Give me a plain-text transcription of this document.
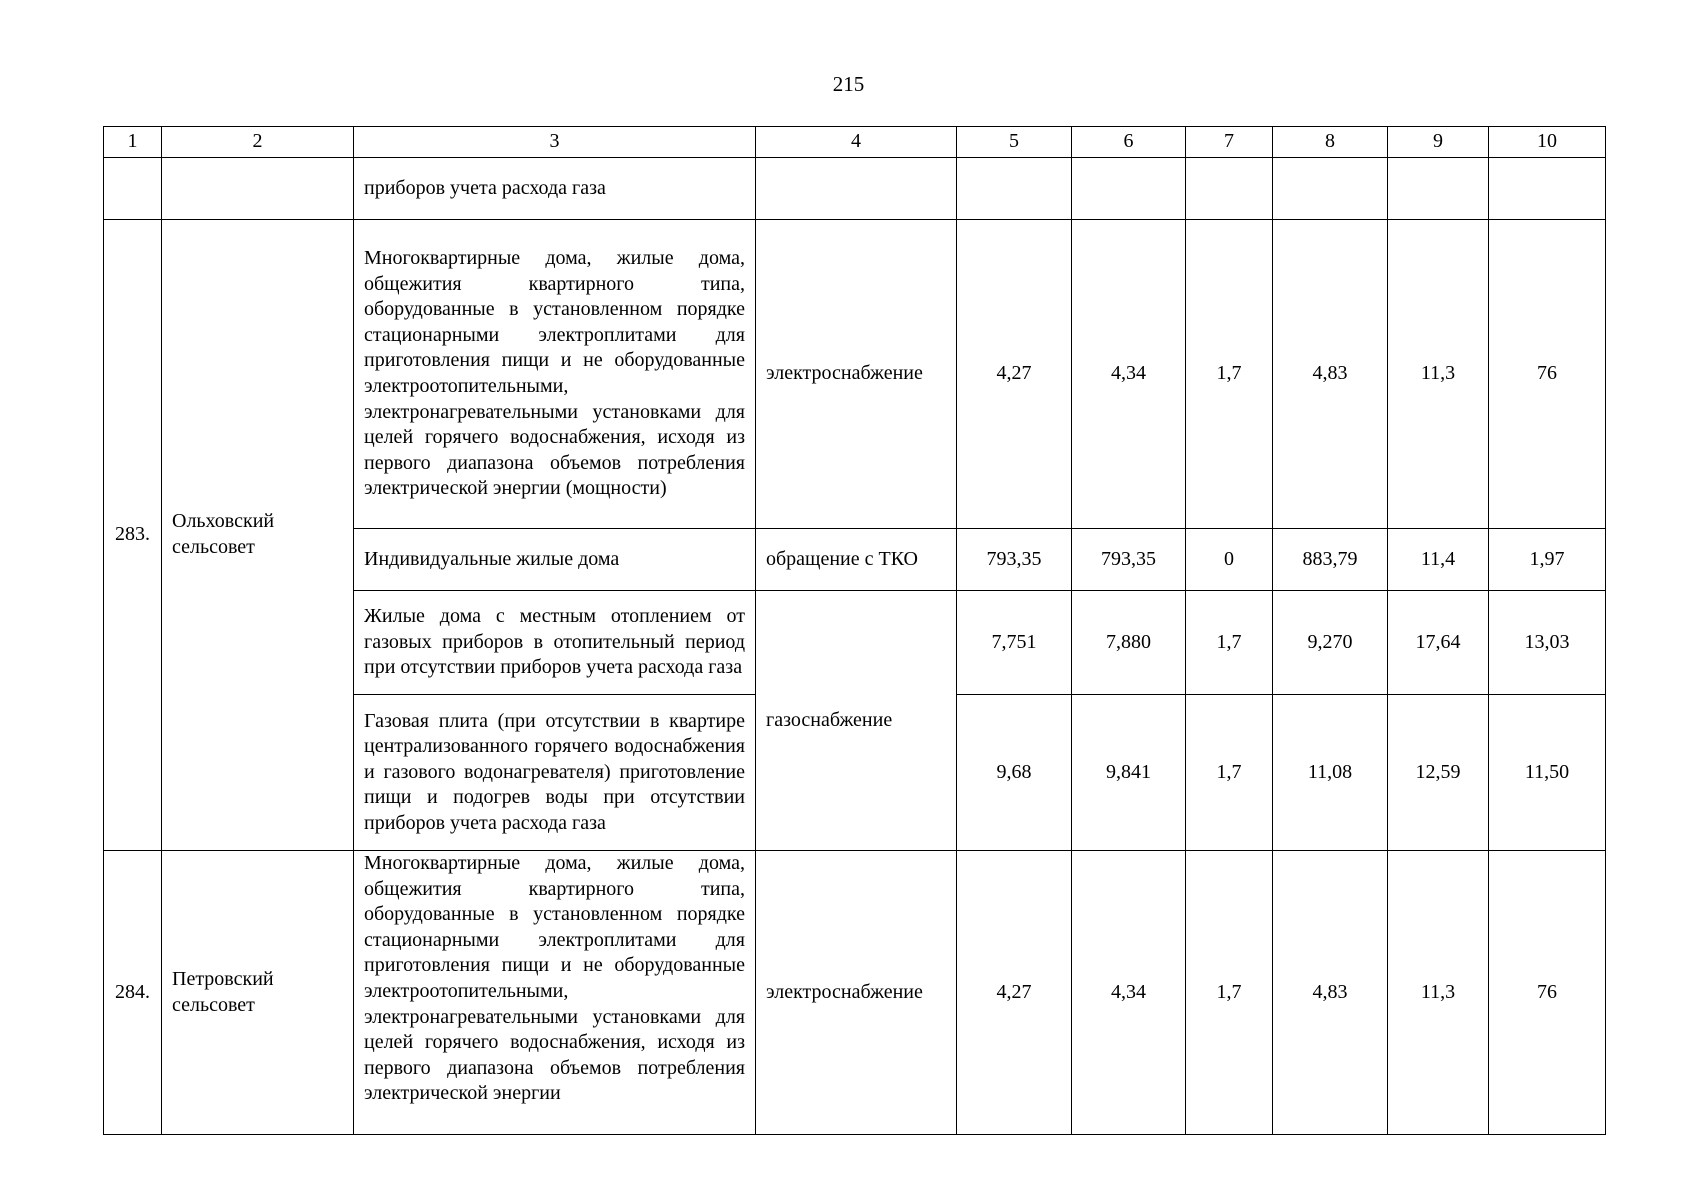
215
1	2	3	4	5	6	7	8	9	10
		приборов учета расхода газа							
283.	Ольховский сельсовет	Многоквартирные дома, жилые дома, общежития квартирного типа, оборудованные в установленном порядке стационарными электроплитами для приготовления пищи и не оборудованные электроотопительными, электронагревательными установками для целей горячего водоснабжения, исходя из первого диапазона объемов потребления электрической энергии (мощности)	электроснабжение	4,27	4,34	1,7	4,83	11,3	76
		Индивидуальные жилые дома	обращение с ТКО	793,35	793,35	0	883,79	11,4	1,97
		Жилые дома с местным отоплением от газовых приборов в отопительный период при отсутствии приборов учета расхода газа	газоснабжение	7,751	7,880	1,7	9,270	17,64	13,03
		Газовая плита (при отсутствии в квартире централизованного горячего водоснабжения и газового водонагревателя) приготовление пищи и подогрев воды при отсутствии приборов учета расхода газа		9,68	9,841	1,7	11,08	12,59	11,50
284.	Петровский сельсовет	Многоквартирные дома, жилые дома, общежития квартирного типа, оборудованные в установленном порядке стационарными электроплитами для приготовления пищи и не оборудованные электроотопительными, электронагревательными установками для целей горячего водоснабжения, исходя из первого диапазона объемов потребления электрической энергии	электроснабжение	4,27	4,34	1,7	4,83	11,3	76
